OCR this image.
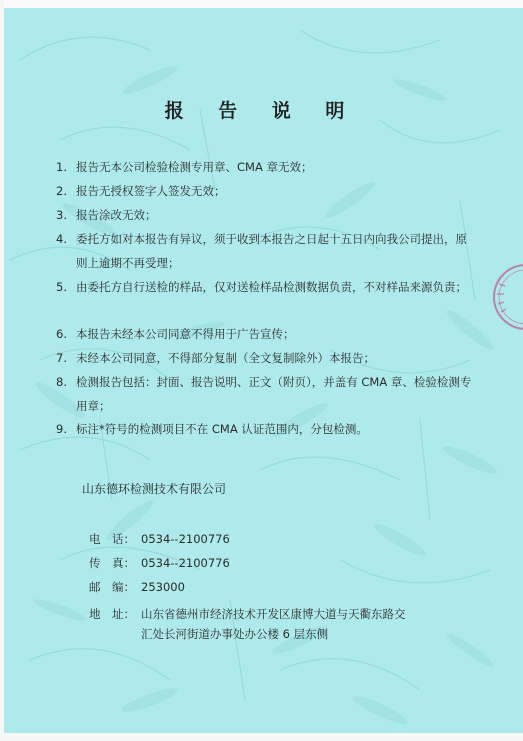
报 告 说 明
1. 报告无本公司检验检测专用章、CMA 章无效；
2. 报告无授权签字人签发无效；
3. 报告涂改无效；
4. 委托方如对本报告有异议，须于收到本报告之日起十五日内向我公司提出，原则上逾期不再受理；
5. 由委托方自行送检的样品，仅对送检样品检测数据负责，不对样品来源负责；
6. 本报告未经本公司同意不得用于广告宣传；
7. 未经本公司同意，不得部分复制（全文复制除外）本报告；
8. 检测报告包括：封面、报告说明、正文（附页），并盖有 CMA 章、检验检测专用章；
9. 标注*符号的检测项目不在 CMA 认证范围内，分包检测。
山东德环检测技术有限公司
电　话： 0534--2100776
传　真： 0534--2100776
邮　编： 253000
地　址： 山东省德州市经济技术开发区康博大道与天衢东路交
汇处长河街道办事处办公楼 6 层东侧
